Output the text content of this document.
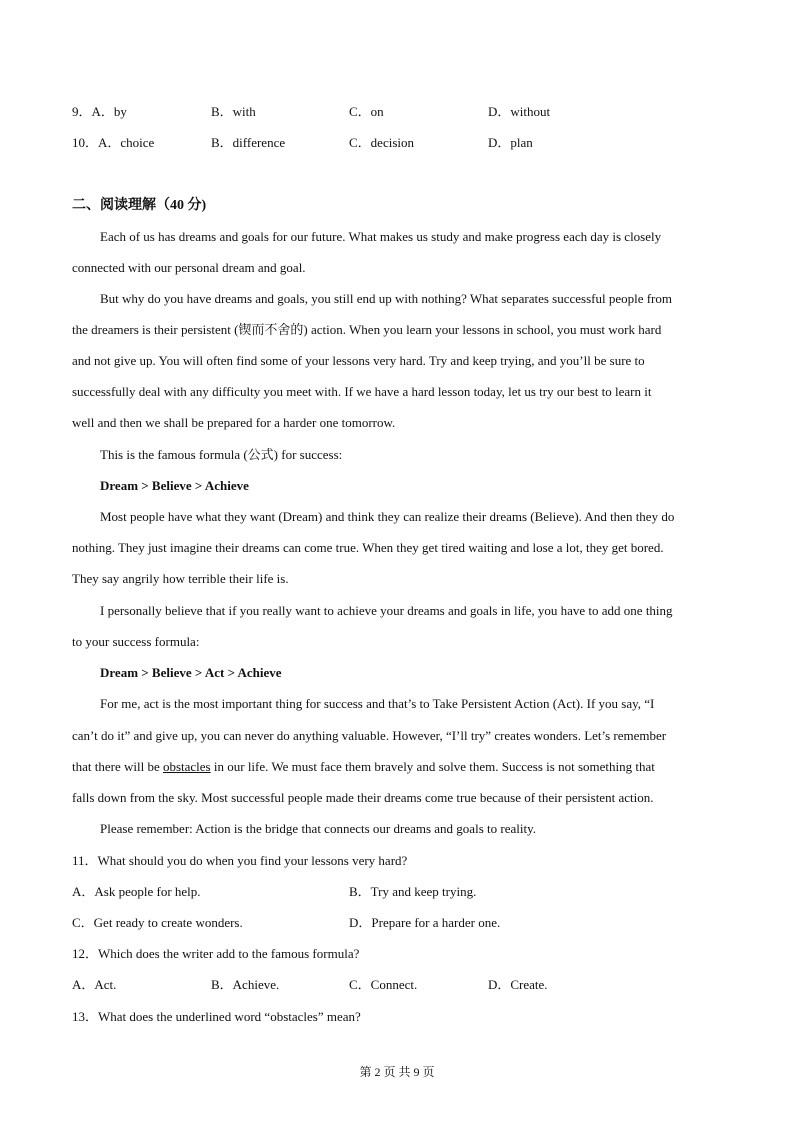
9．A．by	B．with	C．on	D．without
10．A．choice	B．difference	C．decision	D．plan
二、阅读理解（40 分)
Each of us has dreams and goals for our future. What makes us study and make progress each day is closely
connected with our personal dream and goal.
But why do you have dreams and goals, you still end up with nothing? What separates successful people from
the dreamers is their persistent (锲而不舍的) action. When you learn your lessons in school, you must work hard
and not give up. You will often find some of your lessons very hard. Try and keep trying, and you’ll be sure to
successfully deal with any difficulty you meet with. If we have a hard lesson today, let us try our best to learn it
well and then we shall be prepared for a harder one tomorrow.
This is the famous formula (公式) for success:
Dream > Believe > Achieve
Most people have what they want (Dream) and think they can realize their dreams (Believe). And then they do
nothing. They just imagine their dreams can come true. When they get tired waiting and lose a lot, they get bored.
They say angrily how terrible their life is.
I personally believe that if you really want to achieve your dreams and goals in life, you have to add one thing
to your success formula:
Dream > Believe > Act > Achieve
For me, act is the most important thing for success and that’s to Take Persistent Action (Act). If you say, “I
can’t do it” and give up, you can never do anything valuable. However, “I’ll try” creates wonders. Let’s remember
that there will be obstacles in our life. We must face them bravely and solve them. Success is not something that
falls down from the sky. Most successful people made their dreams come true because of their persistent action.
Please remember: Action is the bridge that connects our dreams and goals to reality.
11．What should you do when you find your lessons very hard?
A．Ask people for help.	B．Try and keep trying.
C．Get ready to create wonders.	D．Prepare for a harder one.
12．Which does the writer add to the famous formula?
A．Act.	B．Achieve.	C．Connect.	D．Create.
13．What does the underlined word “obstacles” mean?
第 2 页 共 9 页
